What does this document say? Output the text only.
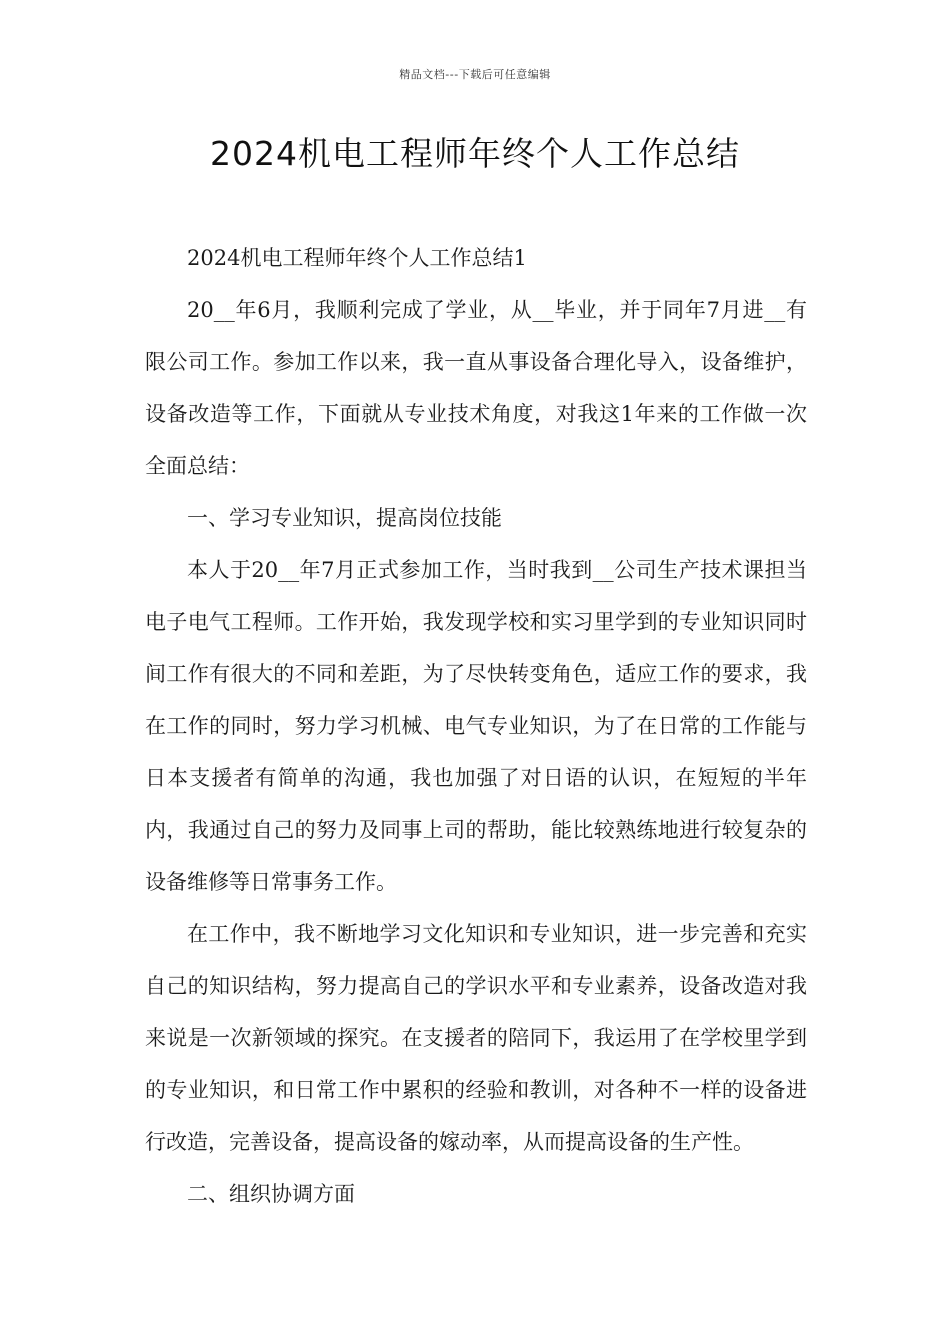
精品文档---下载后可任意编辑
2024机电工程师年终个人工作总结

2024机电工程师年终个人工作总结1

20__年6月，我顺利完成了学业，从__毕业，并于同年7月进__有限公司工作。参加工作以来，我一直从事设备合理化导入，设备维护，设备改造等工作，下面就从专业技术角度，对我这1年来的工作做一次全面总结：

一、学习专业知识，提高岗位技能

本人于20__年7月正式参加工作，当时我到__公司生产技术课担当电子电气工程师。工作开始，我发现学校和实习里学到的专业知识同时间工作有很大的不同和差距，为了尽快转变角色，适应工作的要求，我在工作的同时，努力学习机械、电气专业知识，为了在日常的工作能与日本支援者有简单的沟通，我也加强了对日语的认识，在短短的半年内，我通过自己的努力及同事上司的帮助，能比较熟练地进行较复杂的设备维修等日常事务工作。

在工作中，我不断地学习文化知识和专业知识，进一步完善和充实自己的知识结构，努力提高自己的学识水平和专业素养，设备改造对我来说是一次新领域的探究。在支援者的陪同下，我运用了在学校里学到的专业知识，和日常工作中累积的经验和教训，对各种不一样的设备进行改造，完善设备，提高设备的嫁动率，从而提高设备的生产性。

二、组织协调方面
